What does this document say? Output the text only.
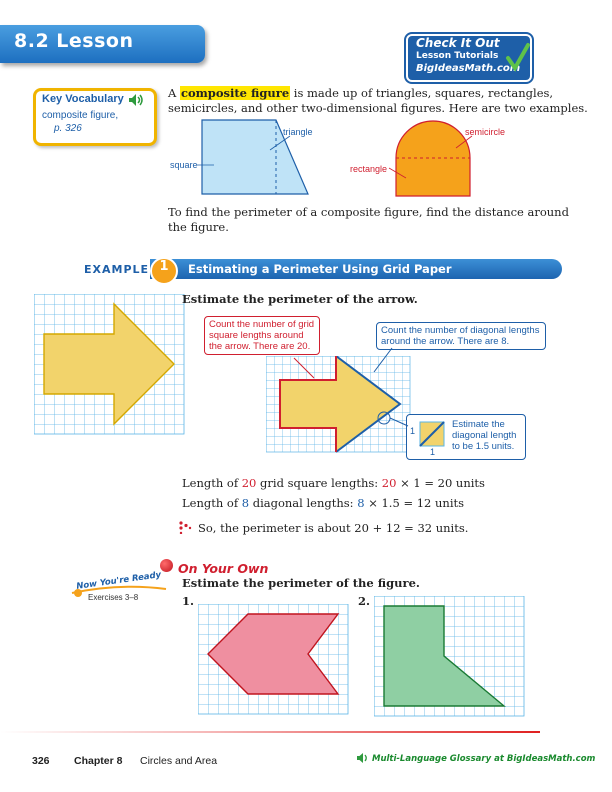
8.2 Lesson	Check It Out
Lesson Tutorials
BigIdeasMath.com
Key Vocabulary
composite figure,
p. 326
A composite figure is made up of triangles, squares, rectangles,
semicircles, and other two-dimensional figures. Here are two examples.
triangle
square
semicircle
rectangle
To find the perimeter of a composite figure, find the distance around
the figure.
EXAMPLE 1	Estimating a Perimeter Using Grid Paper
Estimate the perimeter of the arrow.
Count the number of grid
square lengths around
the arrow. There are 20.
Count the number of diagonal lengths
around the arrow. There are 8.
1
1
Estimate the
diagonal length
to be 1.5 units.
Length of 20 grid square lengths: 20 × 1 = 20 units
Length of 8 diagonal lengths: 8 × 1.5 = 12 units
So, the perimeter is about 20 + 12 = 32 units.
On Your Own
Now You're Ready
Exercises 3–8
Estimate the perimeter of the figure.
1.	2.
326 Chapter 8 Circles and Area	Multi-Language Glossary at BigIdeasMath.com
